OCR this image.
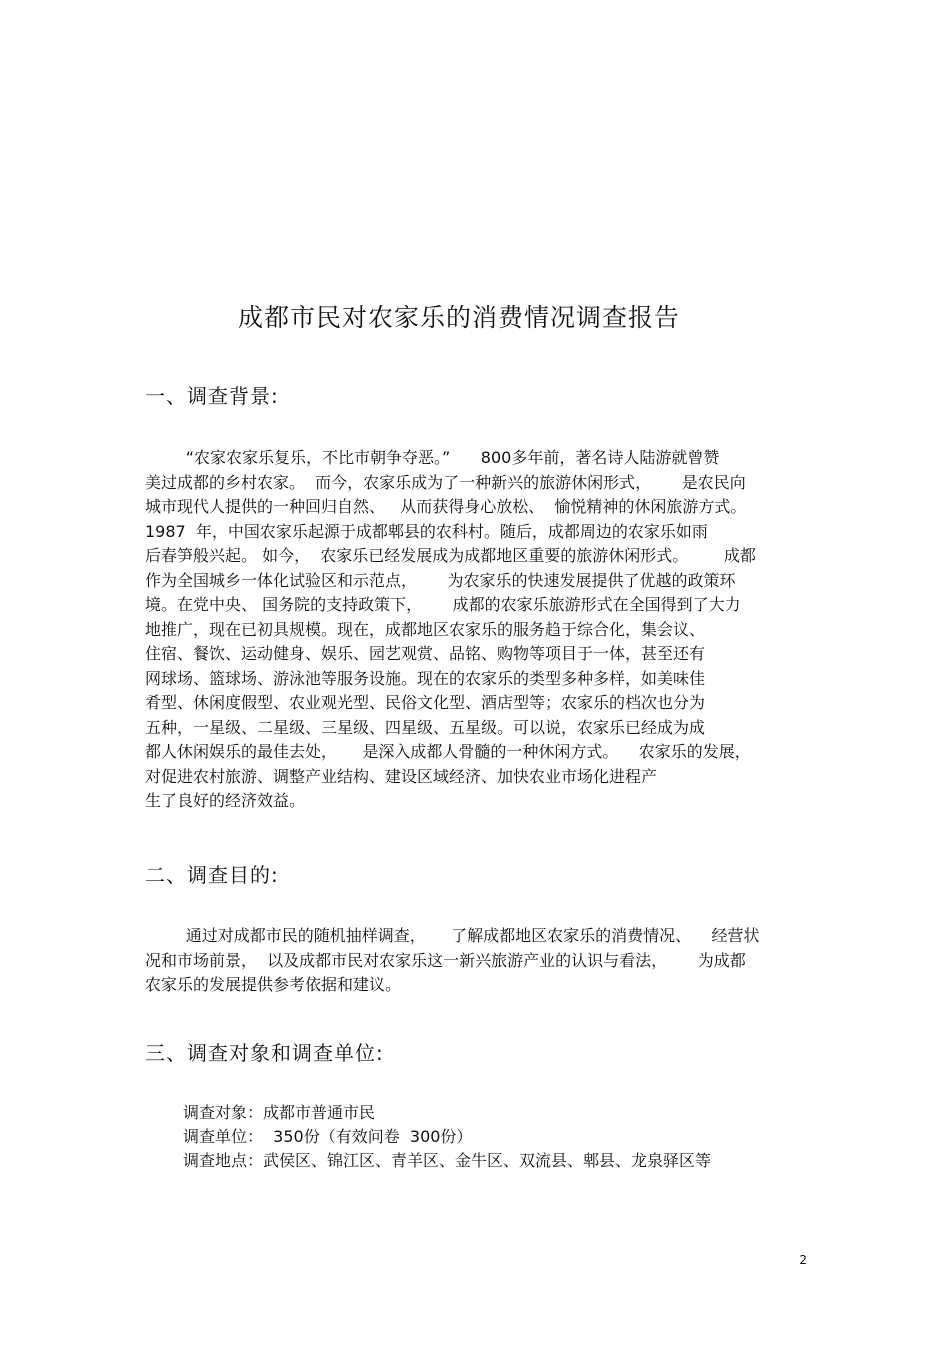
成都市民对农家乐的消费情况调查报告
一、调查背景:

“农家农家乐复乐，不比市朝争夺恶。”      800多年前，著名诗人陆游就曾赞

美过成都的乡村农家。  而今，农家乐成为了一种新兴的旅游休闲形式，      是农民向

城市现代人提供的一种回归自然、   从而获得身心放松、  愉悦精神的休闲旅游方式。

1987  年，中国农家乐起源于成都郫县的农科村。随后，成都周边的农家乐如雨

后春笋般兴起。 如今，  农家乐已经发展成为成都地区重要的旅游休闲形式。       成都

作为全国城乡一体化试验区和示范点，      为农家乐的快速发展提供了优越的政策环

境。在党中央、 国务院的支持政策下，      成都的农家乐旅游形式在全国得到了大力

地推广，现在已初具规模。现在，成都地区农家乐的服务趋于综合化，集会议、

住宿、餐饮、运动健身、娱乐、园艺观赏、品铭、购物等项目于一体，甚至还有

网球场、篮球场、游泳池等服务设施。现在的农家乐的类型多种多样，如美味佳

肴型、休闲度假型、农业观光型、民俗文化型、酒店型等；农家乐的档次也分为

五种，一星级、二星级、三星级、四星级、五星级。可以说，农家乐已经成为成

都人休闲娱乐的最佳去处，     是深入成都人骨髓的一种休闲方式。    农家乐的发展，

对促进农村旅游、调整产业结构、建设区域经济、加快农业市场化进程产

生了良好的经济效益。

二、调查目的:

通过对成都市民的随机抽样调查，     了解成都地区农家乐的消费情况、    经营状

况和市场前景，  以及成都市民对农家乐这一新兴旅游产业的认识与看法，      为成都

农家乐的发展提供参考依据和建议。

三、调查对象和调查单位:

调查对象：成都市普通市民

调查单位：  350份（有效问卷  300份）

调查地点：武侯区、锦江区、青羊区、金牛区、双流县、郫县、龙泉驿区等

2
